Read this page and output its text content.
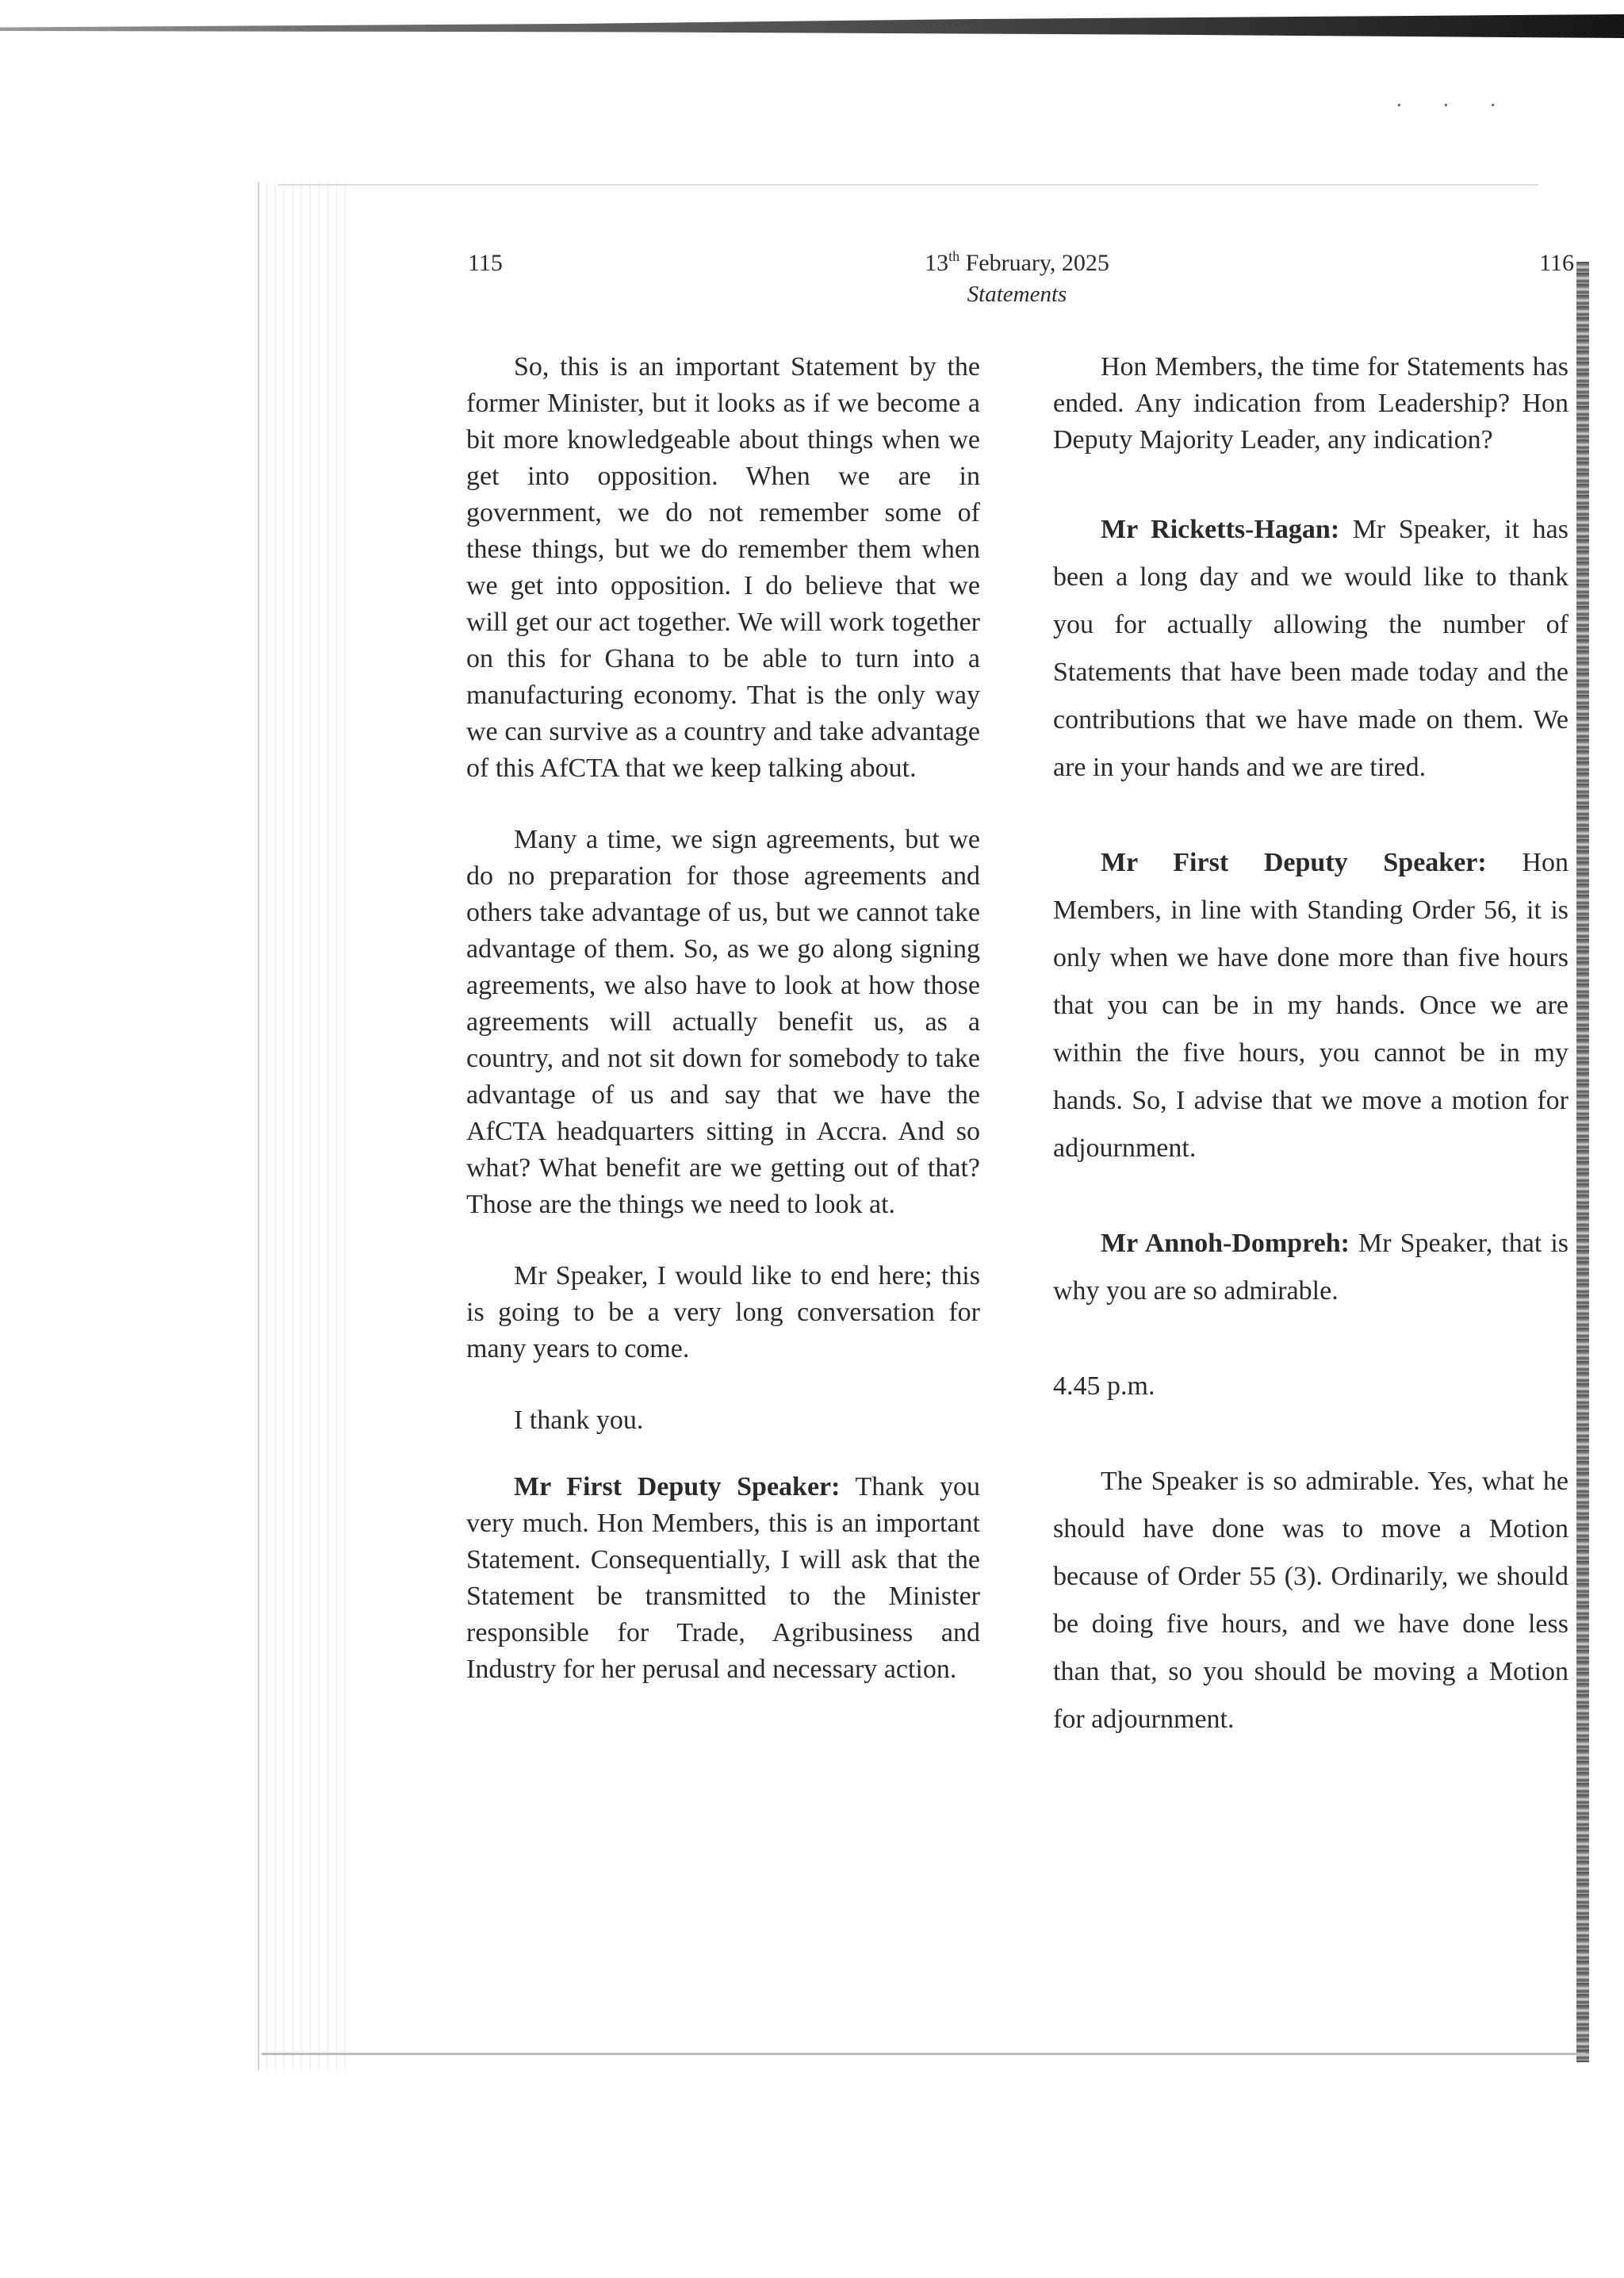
· · ·
115	13th February, 2025
Statements
116

So, this is an important Statement by the former Minister, but it looks as if we become a bit more knowledgeable about things when we get into opposition. When we are in government, we do not remember some of these things, but we do remember them when we get into opposition. I do believe that we will get our act together. We will work together on this for Ghana to be able to turn into a manufacturing economy. That is the only way we can survive as a country and take advantage of this AfCTA that we keep talking about.

Many a time, we sign agreements, but we do no preparation for those agreements and others take advantage of us, but we cannot take advantage of them. So, as we go along signing agreements, we also have to look at how those agreements will actually benefit us, as a country, and not sit down for somebody to take advantage of us and say that we have the AfCTA headquarters sitting in Accra. And so what? What benefit are we getting out of that? Those are the things we need to look at.

Mr Speaker, I would like to end here; this is going to be a very long conversation for many years to come.

I thank you.

Mr First Deputy Speaker: Thank you very much. Hon Members, this is an important Statement. Consequentially, I will ask that the Statement be transmitted to the Minister responsible for Trade, Agribusiness and Industry for her perusal and necessary action.

Hon Members, the time for Statements has ended. Any indication from Leadership? Hon Deputy Majority Leader, any indication?

Mr Ricketts-Hagan: Mr Speaker, it has been a long day and we would like to thank you for actually allowing the number of Statements that have been made today and the contributions that we have made on them. We are in your hands and we are tired.

Mr First Deputy Speaker: Hon Members, in line with Standing Order 56, it is only when we have done more than five hours that you can be in my hands. Once we are within the five hours, you cannot be in my hands. So, I advise that we move a motion for adjournment.

Mr Annoh-Dompreh: Mr Speaker, that is why you are so admirable.

4.45 p.m.

The Speaker is so admirable. Yes, what he should have done was to move a Motion because of Order 55 (3). Ordinarily, we should be doing five hours, and we have done less than that, so you should be moving a Motion for adjournment.
